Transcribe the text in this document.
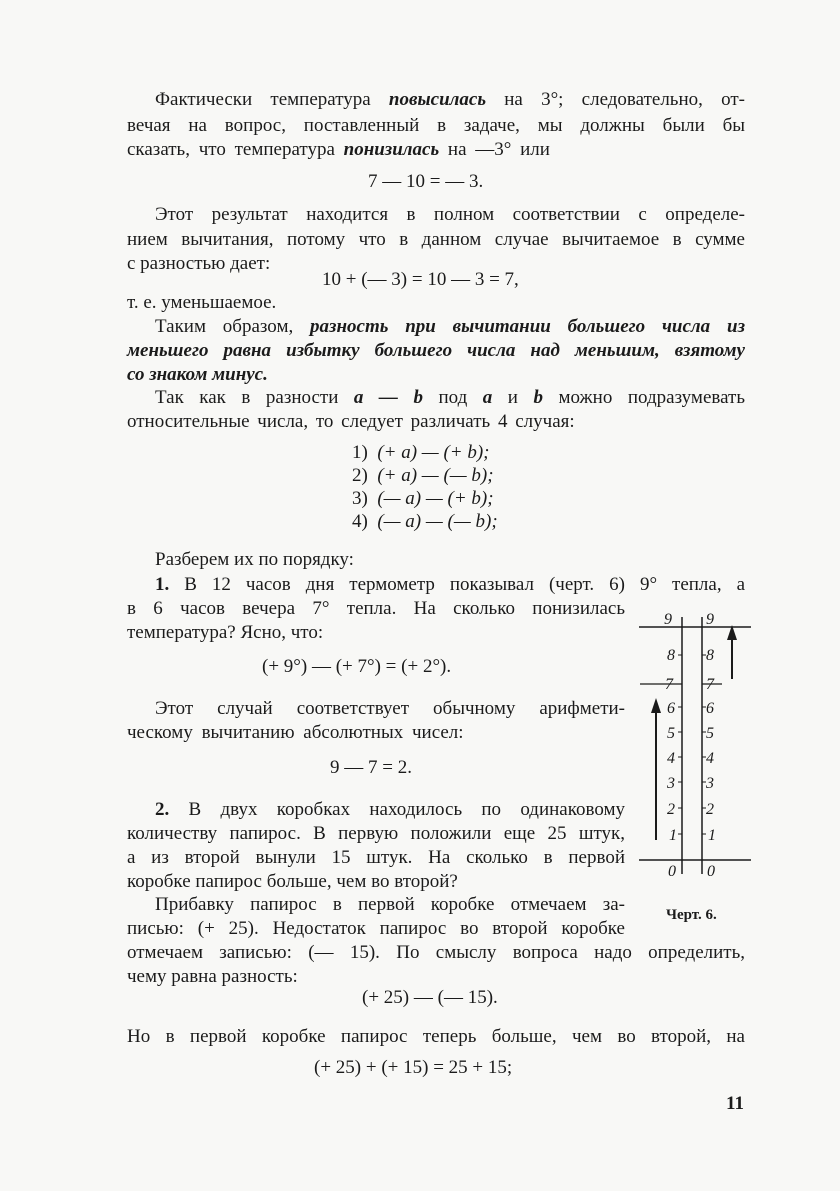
Фактически температура повысилась на 3°; следовательно, от-
вечая на вопрос, поставленный в задаче, мы должны были бы
сказать, что температура понизилась на —3° или
7 — 10 = — 3.
Этот результат находится в полном соответствии с определе-
нием вычитания, потому что в данном случае вычитаемое в сумме
с разностью дает:
10 + (— 3) = 10 — 3 = 7,
т. е. уменьшаемое.
Таким образом, разность при вычитании большего числа из
меньшего равна избытку большего числа над меньшим, взятому
со знаком минус.
Так как в разности a — b под a и b можно подразумевать
относительные числа, то следует различать 4 случая:
1) (+ a) — (+ b);
2) (+ a) — (— b);
3) (— a) — (+ b);
4) (— a) — (— b);
Разберем их по порядку:
1. В 12 часов дня термометр показывал (черт. 6) 9° тепла, а
в 6 часов вечера 7° тепла. На сколько понизилась
температура? Ясно, что:
(+ 9°) — (+ 7°) = (+ 2°).
Этот случай соответствует обычному арифмети-
ческому вычитанию абсолютных чисел:
9 — 7 = 2.
2. В двух коробках находилось по одинаковому
количеству папирос. В первую положили еще 25 штук,
а из второй вынули 15 штук. На сколько в первой
коробке папирос больше, чем во второй?
Прибавку папирос в первой коробке отмечаем за-
писью: (+ 25). Недостаток папирос во второй коробке
отмечаем записью: (— 15). По смыслу вопроса надо определить,
чему равна разность:
(+ 25) — (— 15).
Но в первой коробке папирос теперь больше, чем во второй, на
(+ 25) + (+ 15) = 25 + 15;
11
9
8
7
6
5
4
3
2
1
0
9
8
7
6
5
4
3
2
1
0
Черт. 6.
